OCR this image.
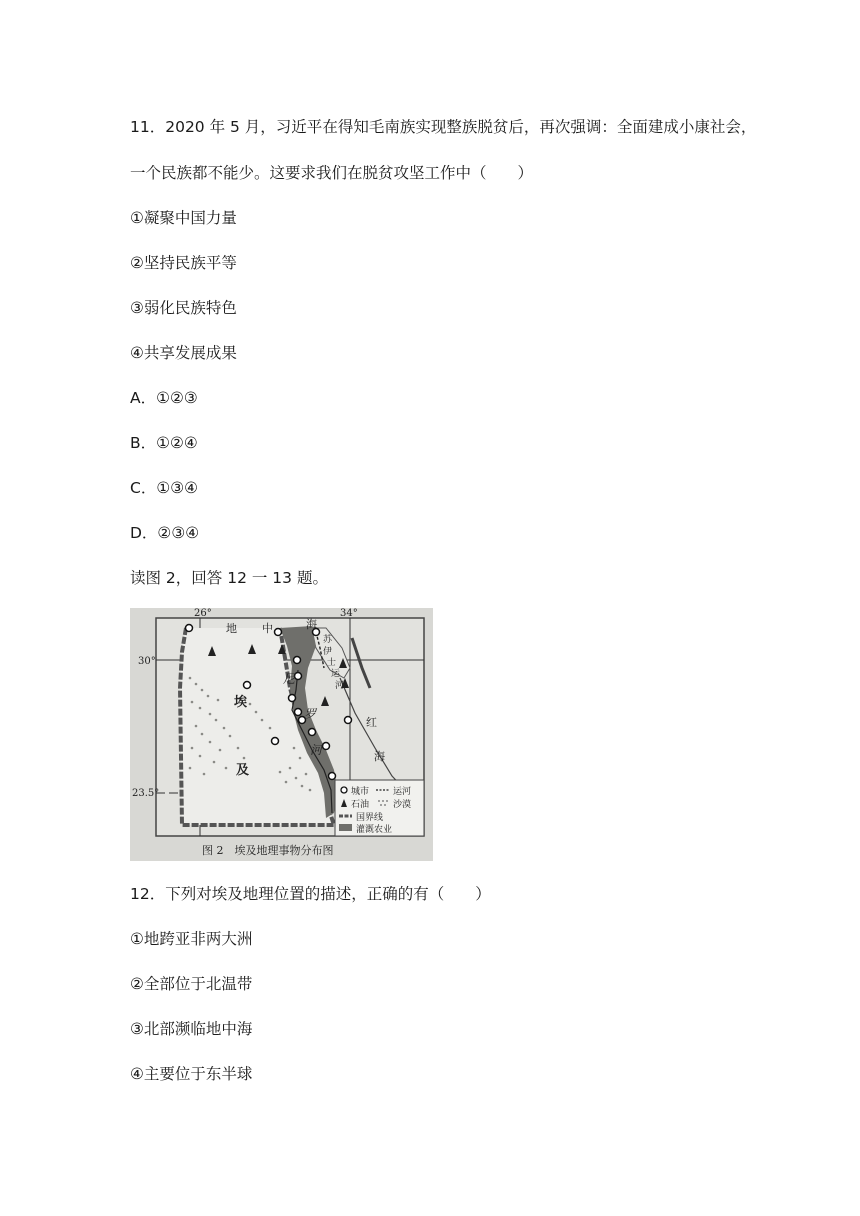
11．2020 年 5 月，习近平在得知毛南族实现整族脱贫后，再次强调：全面建成小康社会，
一个民族都不能少。这要求我们在脱贫攻坚工作中（　　）
①凝聚中国力量
②坚持民族平等
③弱化民族特色
④共享发展成果
A．①②③
B．①②④
C．①③④
D．②③④
读图 2，回答 12 一 13 题。
26°	34°
30°
23.5°
地 中	海
苏
伊
士
运
河
尼
罗
河
红
海
埃
及
城市	运河
石油	沙漠
国界线
灌溉农业
图 2　埃及地理事物分布图
12．下列对埃及地理位置的描述，正确的有（　　）
①地跨亚非两大洲
②全部位于北温带
③北部濒临地中海
④主要位于东半球
